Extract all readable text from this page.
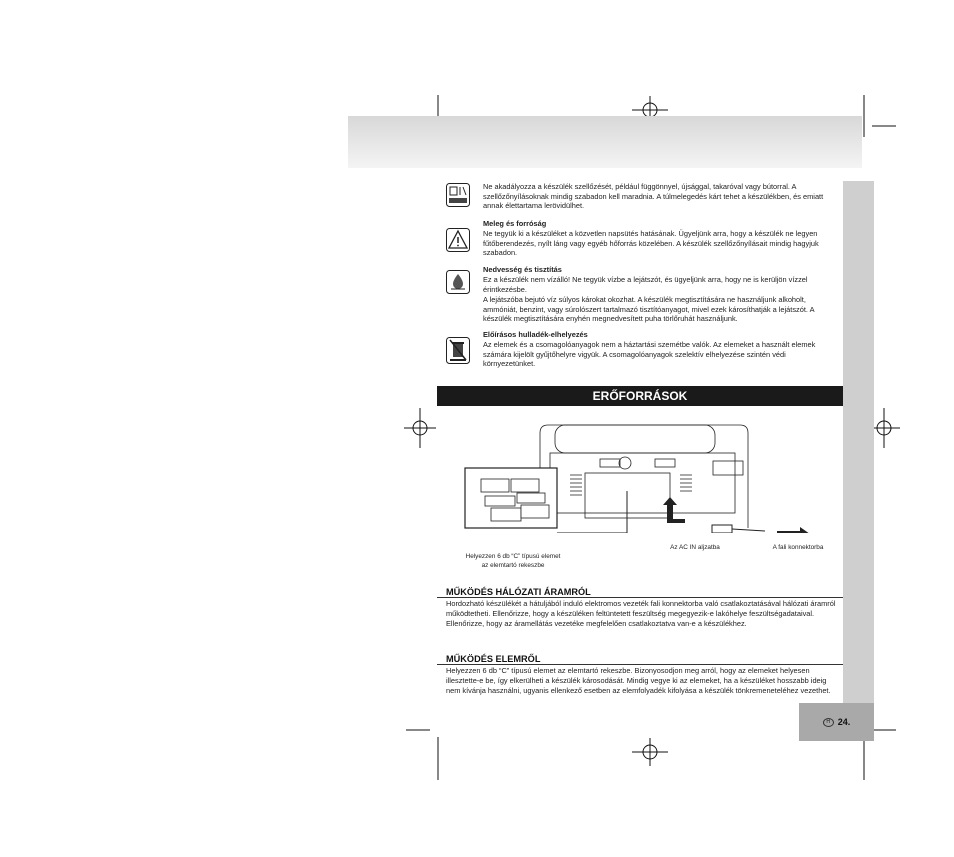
Ne akadályozza a készülék szellőzését, például függönnyel, újsággal, takaróval vagy bútorral. A szellőzőnyílásoknak mindig szabadon kell maradnia. A túlmelegedés kárt tehet a készülékben, és emiatt annak élettartama lerövidülhet.

Meleg és forróság

Ne tegyük ki a készüléket a közvetlen napsütés hatásának. Ügyeljünk arra, hogy a készülék ne legyen fűtőberendezés, nyílt láng vagy egyéb hőforrás közelében. A készülék szellőzőnyílásait mindig hagyjuk szabadon.

Nedvesség és tisztítás

Ez a készülék nem vízálló! Ne tegyük vízbe a lejátszót, és ügyeljünk arra, hogy ne is kerüljön vízzel érintkezésbe.

A lejátszóba bejutó víz súlyos károkat okozhat. A készülék megtisztítására ne használjunk alkoholt, ammóniát, benzint, vagy súrolószert tartalmazó tisztítóanyagot, mivel ezek károsíthatják a lejátszót. A készülék megtisztítására enyhén megnedvesített puha törlőruhát használjunk.

Előírásos hulladék-elhelyezés

Az elemek és a csomagolóanyagok nem a háztartási szemétbe valók. Az elemeket a használt elemek számára kijelölt gyűjtőhelyre vigyük. A csomagolóanyagok szelektív elhelyezése szintén védi környezetünket.

ERŐFORRÁSOK
Helyezzen 6 db “C” típusú elemet
az elemtartó rekeszbe
Az AC IN aljzatba	A fali konnektorba
MŰKÖDÉS HÁLÓZATI ÁRAMRÓL
Hordozható készülékét a hátuljából induló elektromos vezeték fali konnektorba való csatlakoztatásával hálózati áramról működtetheti. Ellenőrizze, hogy a készüléken feltüntetett feszültség megegyezik-e lakóhelye feszültségadataival. Ellenőrizze, hogy az áramellátás vezetéke megfelelően csatlakoztatva van-e a készülékhez.
MŰKÖDÉS ELEMRŐL
Helyezzen 6 db “C” típusú elemet az elemtartó rekeszbe. Bizonyosodjon meg arról, hogy az elemeket helyesen illesztette-e be, így elkerülheti a készülék károsodását. Mindig vegye ki az elemeket, ha a készüléket hosszabb ideig nem kívánja használni, ugyanis ellenkező esetben az elemfolyadék kifolyása a készülék tönkremeneteléhez vezethet.
H 24.
